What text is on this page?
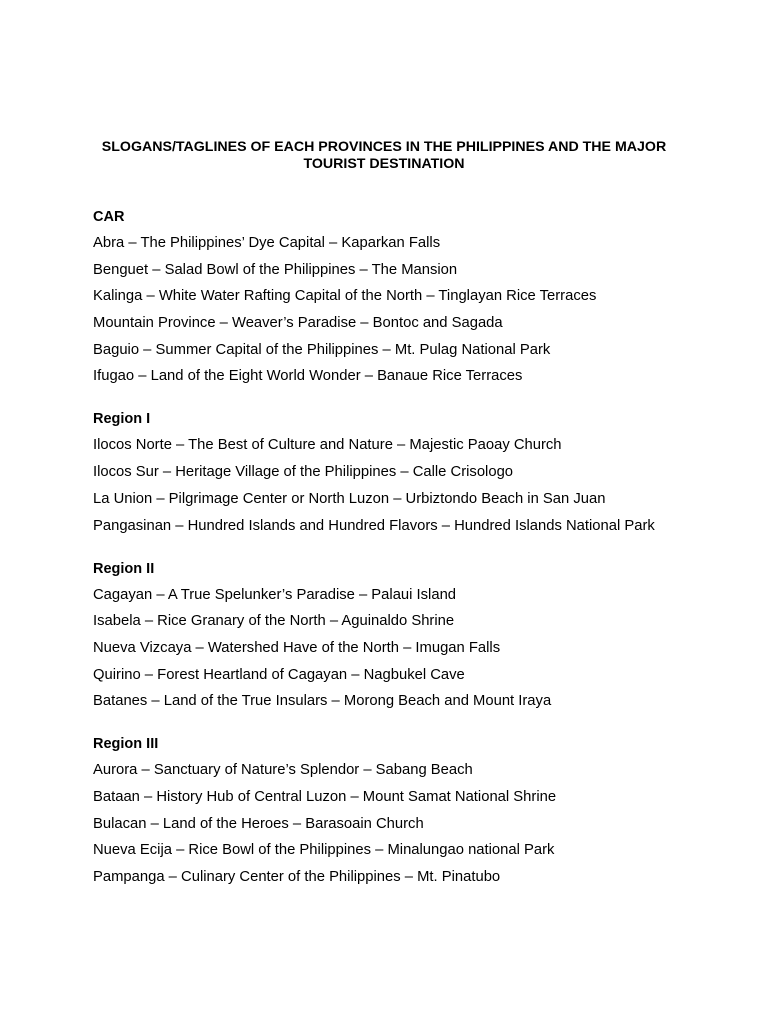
SLOGANS/TAGLINES OF EACH PROVINCES IN THE PHILIPPINES AND THE MAJOR TOURIST DESTINATION
CAR
Abra – The Philippines’ Dye Capital – Kaparkan Falls
Benguet – Salad Bowl of the Philippines – The Mansion
Kalinga – White Water Rafting Capital of the North – Tinglayan Rice Terraces
Mountain Province – Weaver’s Paradise – Bontoc and Sagada
Baguio – Summer Capital of the Philippines – Mt. Pulag National Park
Ifugao – Land of the Eight World Wonder – Banaue Rice Terraces
Region I
Ilocos Norte – The Best of Culture and Nature – Majestic Paoay Church
Ilocos Sur – Heritage Village of the Philippines – Calle Crisologo
La Union – Pilgrimage Center or North Luzon – Urbiztondo Beach in San Juan
Pangasinan – Hundred Islands and Hundred Flavors – Hundred Islands National Park
Region II
Cagayan – A True Spelunker’s Paradise – Palaui Island
Isabela – Rice Granary of the North – Aguinaldo Shrine
Nueva Vizcaya – Watershed Have of the North – Imugan Falls
Quirino – Forest Heartland of Cagayan – Nagbukel Cave
Batanes – Land of the True Insulars – Morong Beach and Mount Iraya
Region III
Aurora – Sanctuary of Nature’s Splendor – Sabang Beach
Bataan – History Hub of Central Luzon – Mount Samat National Shrine
Bulacan – Land of the Heroes – Barasoain Church
Nueva Ecija – Rice Bowl of the Philippines – Minalungao national Park
Pampanga – Culinary Center of the Philippines – Mt. Pinatubo
